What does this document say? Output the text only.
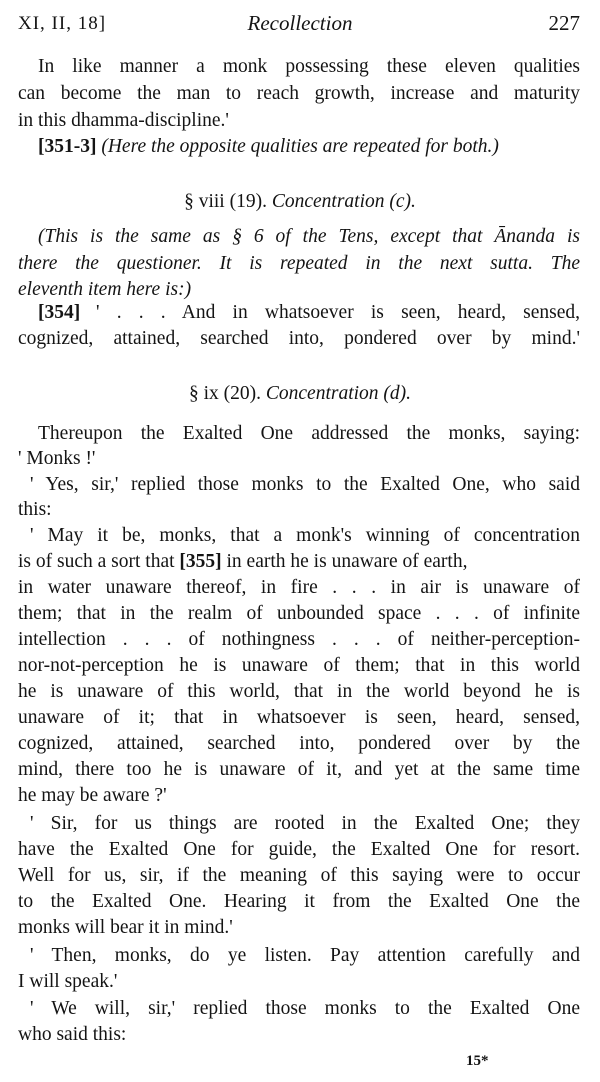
XI, II, 18]	Recollection	227
In like manner a monk possessing these eleven qualities
can become the man to reach growth, increase and maturity
in this dhamma-discipline.'
[351-3] (Here the opposite qualities are repeated for both.)
§ viii (19). Concentration (c).
(This is the same as § 6 of the Tens, except that Ānanda is
there the questioner. It is repeated in the next sutta. The
eleventh item here is:)
[354] ' . . . And in whatsoever is seen, heard, sensed,
cognized, attained, searched into, pondered over by mind.'
§ ix (20). Concentration (d).
Thereupon the Exalted One addressed the monks, saying:
' Monks !'
' Yes, sir,' replied those monks to the Exalted One, who said
this:
' May it be, monks, that a monk's winning of concentration
is of such a sort that [355] in earth he is unaware of earth,
in water unaware thereof, in fire . . . in air is unaware of
them; that in the realm of unbounded space . . . of infinite
intellection . . . of nothingness . . . of neither-perception-
nor-not-perception he is unaware of them; that in this world
he is unaware of this world, that in the world beyond he is
unaware of it; that in whatsoever is seen, heard, sensed,
cognized, attained, searched into, pondered over by the
mind, there too he is unaware of it, and yet at the same time
he may be aware ?'
' Sir, for us things are rooted in the Exalted One; they
have the Exalted One for guide, the Exalted One for resort.
Well for us, sir, if the meaning of this saying were to occur
to the Exalted One. Hearing it from the Exalted One the
monks will bear it in mind.'
' Then, monks, do ye listen. Pay attention carefully and
I will speak.'
' We will, sir,' replied those monks to the Exalted One
who said this:
15*
